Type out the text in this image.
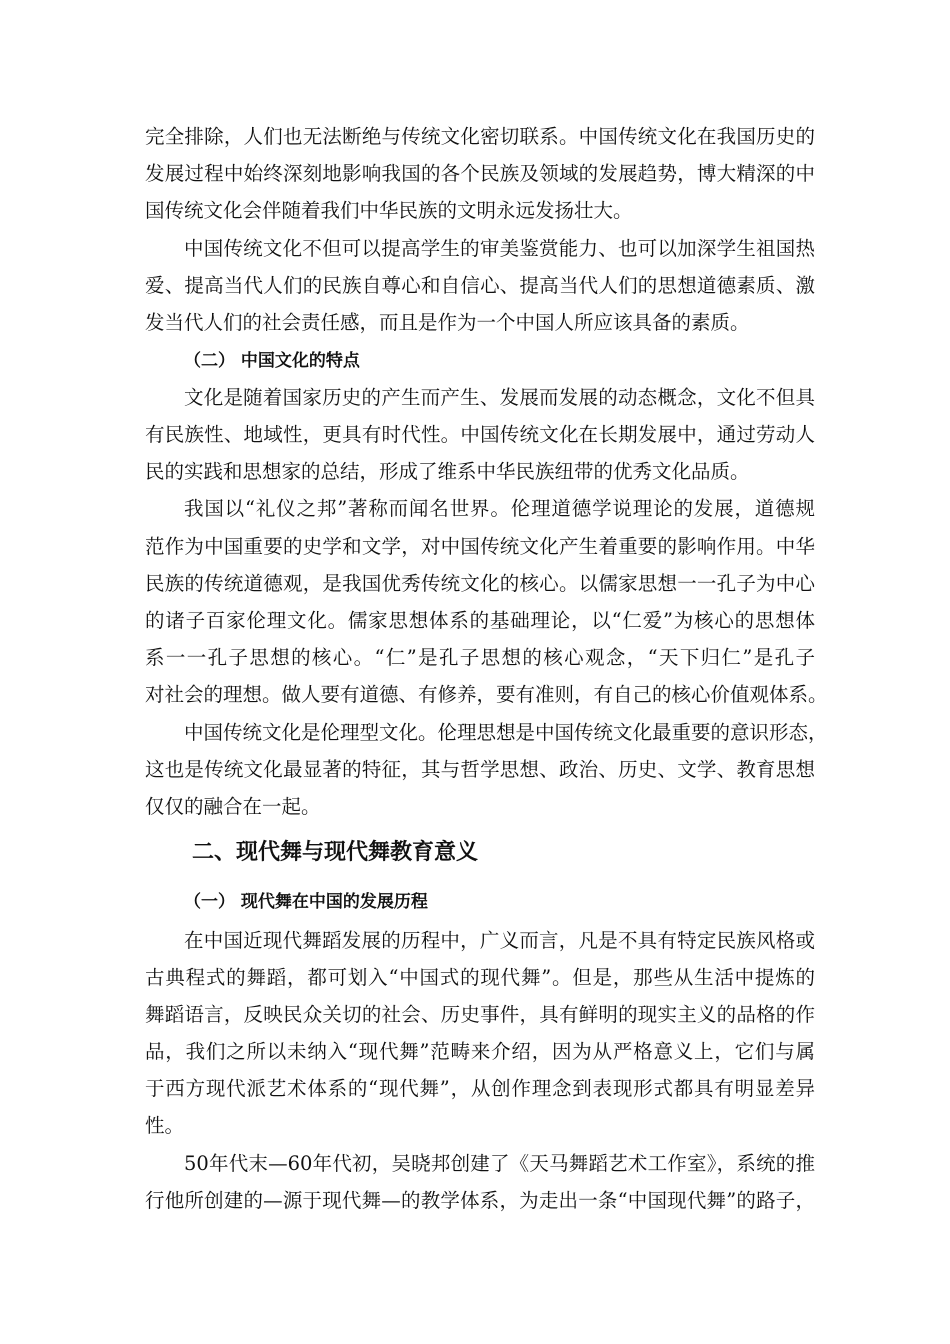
完全排除，人们也无法断绝与传统文化密切联系。中国传统文化在我国历史的
发展过程中始终深刻地影响我国的各个民族及领域的发展趋势，博大精深的中
国传统文化会伴随着我们中华民族的文明永远发扬壮大。
中国传统文化不但可以提高学生的审美鉴赏能力、也可以加深学生祖国热
爱、提高当代人们的民族自尊心和自信心、提高当代人们的思想道德素质、激
发当代人们的社会责任感，而且是作为一个中国人所应该具备的素质。
（二） 中国文化的特点
文化是随着国家历史的产生而产生、发展而发展的动态概念，文化不但具
有民族性、地域性，更具有时代性。中国传统文化在长期发展中，通过劳动人
民的实践和思想家的总结，形成了维系中华民族纽带的优秀文化品质。
我国以“礼仪之邦”著称而闻名世界。伦理道德学说理论的发展，道德规
范作为中国重要的史学和文学，对中国传统文化产生着重要的影响作用。中华
民族的传统道德观，是我国优秀传统文化的核心。以儒家思想一一孔子为中心
的诸子百家伦理文化。儒家思想体系的基础理论，以“仁爱”为核心的思想体
系一一孔子思想的核心。“仁”是孔子思想的核心观念，“天下归仁”是孔子
对社会的理想。做人要有道德、有修养，要有准则，有自己的核心价值观体系。
中国传统文化是伦理型文化。伦理思想是中国传统文化最重要的意识形态，
这也是传统文化最显著的特征，其与哲学思想、政治、历史、文学、教育思想
仅仅的融合在一起。
二、现代舞与现代舞教育意义
（一） 现代舞在中国的发展历程
在中国近现代舞蹈发展的历程中，广义而言，凡是不具有特定民族风格或
古典程式的舞蹈，都可划入“中国式的现代舞”。但是，那些从生活中提炼的
舞蹈语言，反映民众关切的社会、历史事件，具有鲜明的现实主义的品格的作
品，我们之所以未纳入“现代舞”范畴来介绍，因为从严格意义上，它们与属
于西方现代派艺术体系的“现代舞”，从创作理念到表现形式都具有明显差异
性。
50年代末—60年代初，吴晓邦创建了《天马舞蹈艺术工作室》，系统的推
行他所创建的—源于现代舞—的教学体系，为走出一条“中国现代舞”的路子，
